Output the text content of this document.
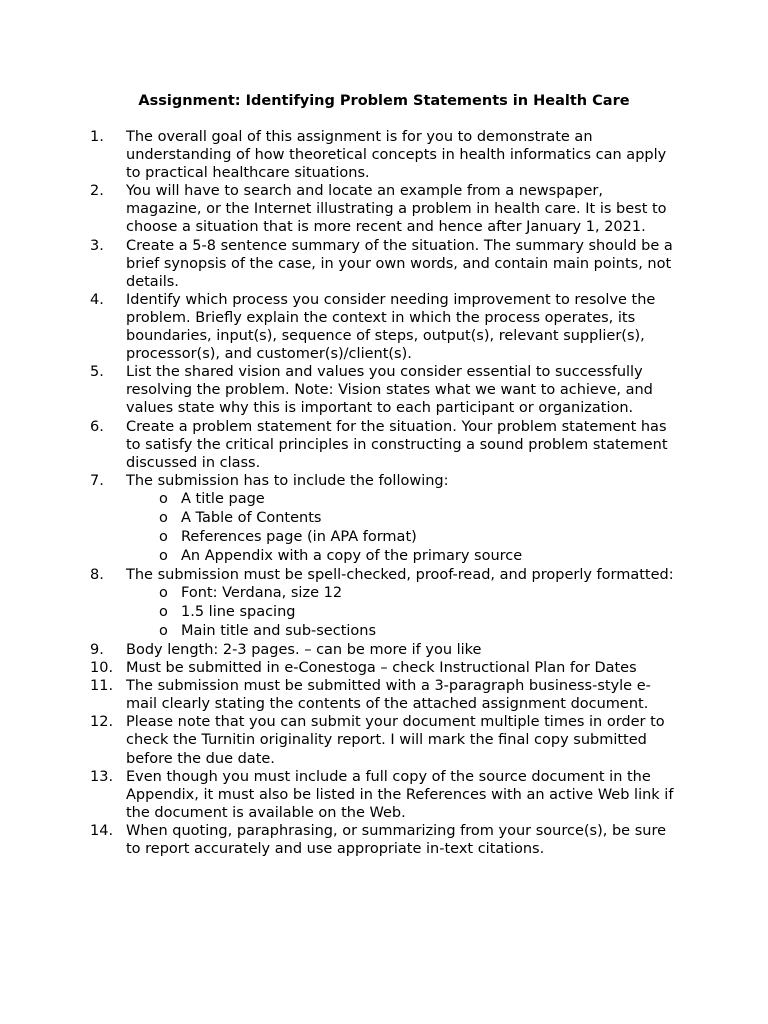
Assignment: Identifying Problem Statements in Health Care
1. The overall goal of this assignment is for you to demonstrate an understanding of how theoretical concepts in health informatics can apply to practical healthcare situations.
2. You will have to search and locate an example from a newspaper, magazine, or the Internet illustrating a problem in health care. It is best to choose a situation that is more recent and hence after January 1, 2021.
3. Create a 5-8 sentence summary of the situation. The summary should be a brief synopsis of the case, in your own words, and contain main points, not details.
4. Identify which process you consider needing improvement to resolve the problem. Briefly explain the context in which the process operates, its boundaries, input(s), sequence of steps, output(s), relevant supplier(s), processor(s), and customer(s)/client(s).
5. List the shared vision and values you consider essential to successfully resolving the problem. Note: Vision states what we want to achieve, and values state why this is important to each participant or organization.
6. Create a problem statement for the situation. Your problem statement has to satisfy the critical principles in constructing a sound problem statement discussed in class.
7. The submission has to include the following:
o A title page
o A Table of Contents
o References page (in APA format)
o An Appendix with a copy of the primary source
8. The submission must be spell-checked, proof-read, and properly formatted:
o Font: Verdana, size 12
o 1.5 line spacing
o Main title and sub-sections
9. Body length: 2-3 pages. – can be more if you like
10. Must be submitted in e-Conestoga – check Instructional Plan for Dates
11. The submission must be submitted with a 3-paragraph business-style e-mail clearly stating the contents of the attached assignment document.
12. Please note that you can submit your document multiple times in order to check the Turnitin originality report. I will mark the final copy submitted before the due date.
13. Even though you must include a full copy of the source document in the Appendix, it must also be listed in the References with an active Web link if the document is available on the Web.
14. When quoting, paraphrasing, or summarizing from your source(s), be sure to report accurately and use appropriate in-text citations.
